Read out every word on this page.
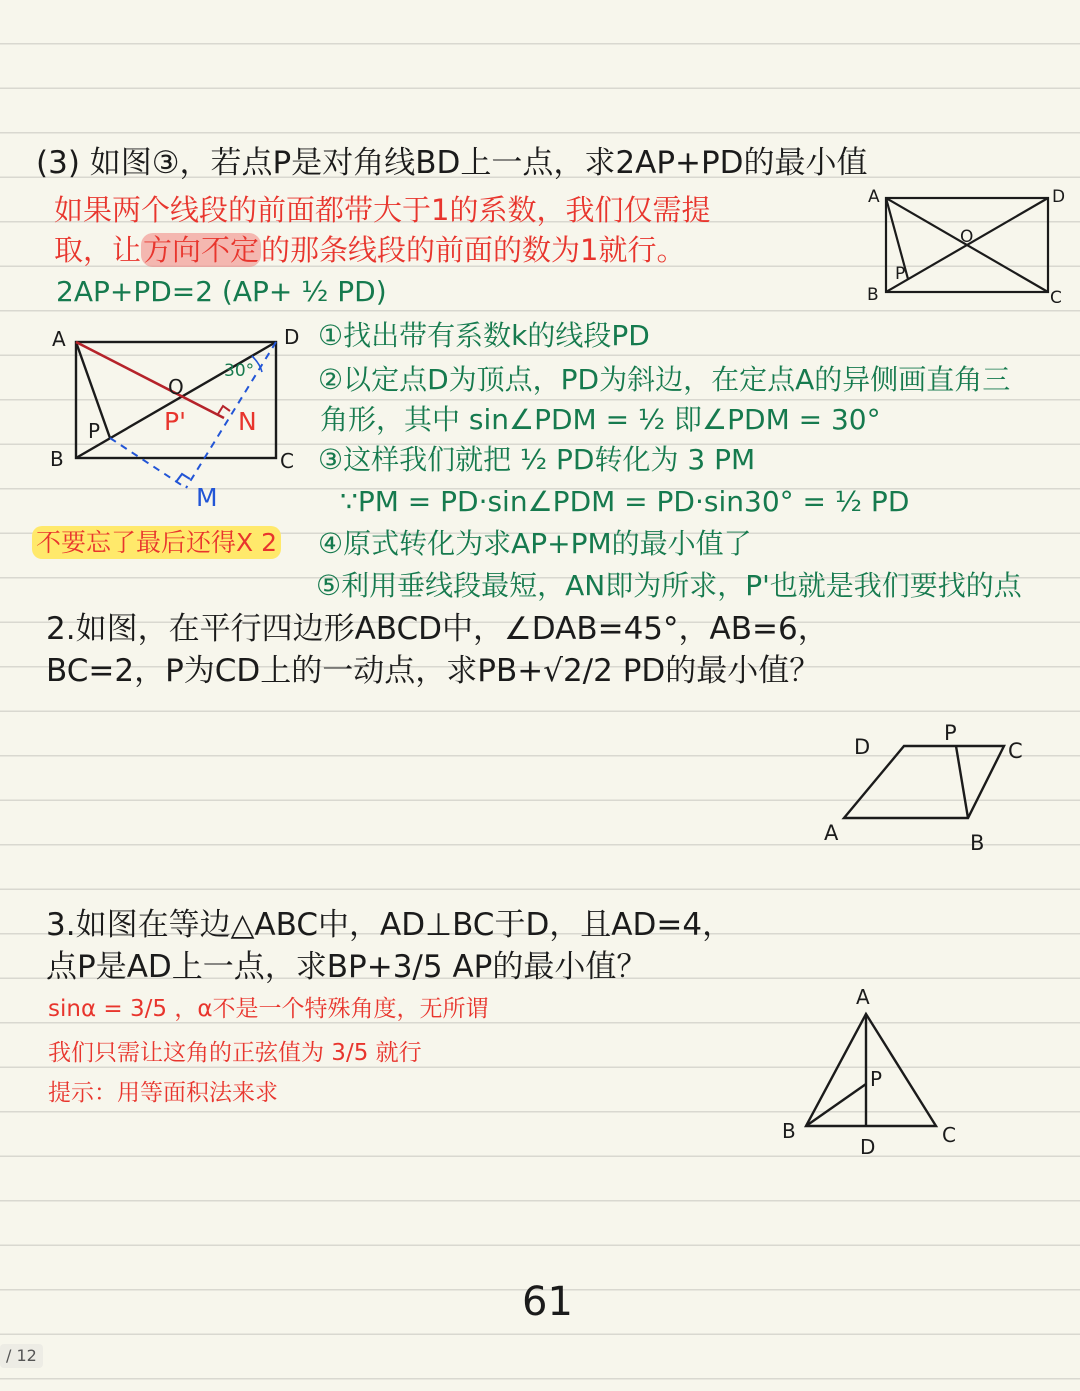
(3) 如图③，若点P是对角线BD上一点，求2AP+PD的最小值
如果两个线段的前面都带大于1的系数，我们仅需提
取，让方向不定的那条线段的前面的数为1就行。
2AP+PD=2 (AP+ ½ PD)
A	D
B	C
O
P
A	D
B	C
O
P
30°
P' N
M
①找出带有系数k的线段PD
②以定点D为顶点，PD为斜边，在定点A的异侧画直角三
角形，其中 sin∠PDM = ½ 即∠PDM = 30°
③这样我们就把 ½ PD转化为 3 PM
∵PM = PD·sin∠PDM = PD·sin30° = ½ PD
不要忘了最后还得X 2 ④原式转化为求AP+PM的最小值了
⑤利用垂线段最短，AN即为所求，P'也就是我们要找的点
2.如图，在平行四边形ABCD中，∠DAB=45°，AB=6，
BC=2，P为CD上的一动点，求PB+√2/2 PD的最小值？
A	B
C
D
P
3.如图在等边△ABC中，AD⊥BC于D，且AD=4，
点P是AD上一点，求BP+3/5 AP的最小值？
sinα = 3/5 ，α不是一个特殊角度，无所谓
我们只需让这角的正弦值为 3/5 就行
提示：用等面积法来求
A
B	C
D
P
61
/ 12
